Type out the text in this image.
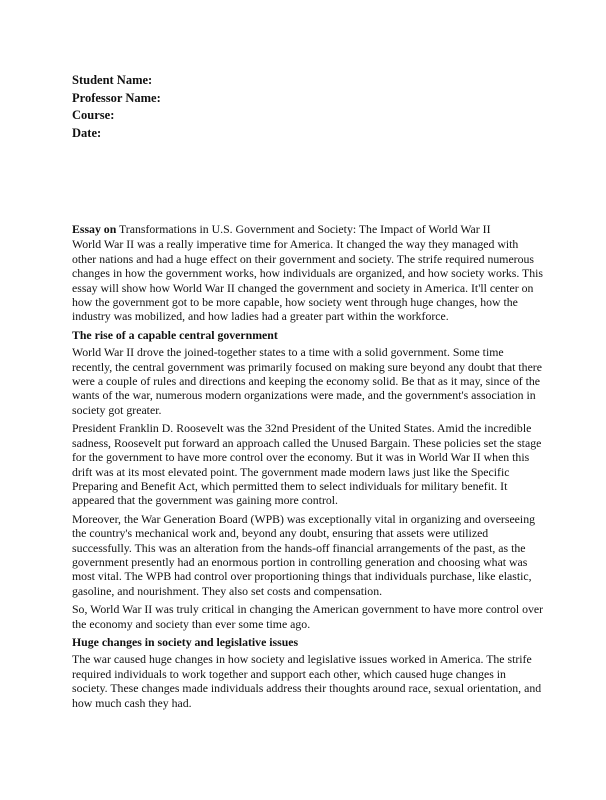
Student Name:
Professor Name:
Course:
Date:
Essay on Transformations in U.S. Government and Society: The Impact of World War II

World War II was a really imperative time for America. It changed the way they managed with other nations and had a huge effect on their government and society. The strife required numerous changes in how the government works, how individuals are organized, and how society works. This essay will show how World War II changed the government and society in America. It'll center on how the government got to be more capable, how society went through huge changes, how the industry was mobilized, and how ladies had a greater part within the workforce.

The rise of a capable central government

World War II drove the joined-together states to a time with a solid government. Some time recently, the central government was primarily focused on making sure beyond any doubt that there were a couple of rules and directions and keeping the economy solid. Be that as it may, since of the wants of the war, numerous modern organizations were made, and the government's association in society got greater.

President Franklin D. Roosevelt was the 32nd President of the United States. Amid the incredible sadness, Roosevelt put forward an approach called the Unused Bargain. These policies set the stage for the government to have more control over the economy. But it was in World War II when this drift was at its most elevated point. The government made modern laws just like the Specific Preparing and Benefit Act, which permitted them to select individuals for military benefit. It appeared that the government was gaining more control.

Moreover, the War Generation Board (WPB) was exceptionally vital in organizing and overseeing the country's mechanical work and, beyond any doubt, ensuring that assets were utilized successfully. This was an alteration from the hands-off financial arrangements of the past, as the government presently had an enormous portion in controlling generation and choosing what was most vital. The WPB had control over proportioning things that individuals purchase, like elastic, gasoline, and nourishment. They also set costs and compensation.

So, World War II was truly critical in changing the American government to have more control over the economy and society than ever some time ago.

Huge changes in society and legislative issues

The war caused huge changes in how society and legislative issues worked in America. The strife required individuals to work together and support each other, which caused huge changes in society. These changes made individuals address their thoughts around race, sexual orientation, and how much cash they had.
